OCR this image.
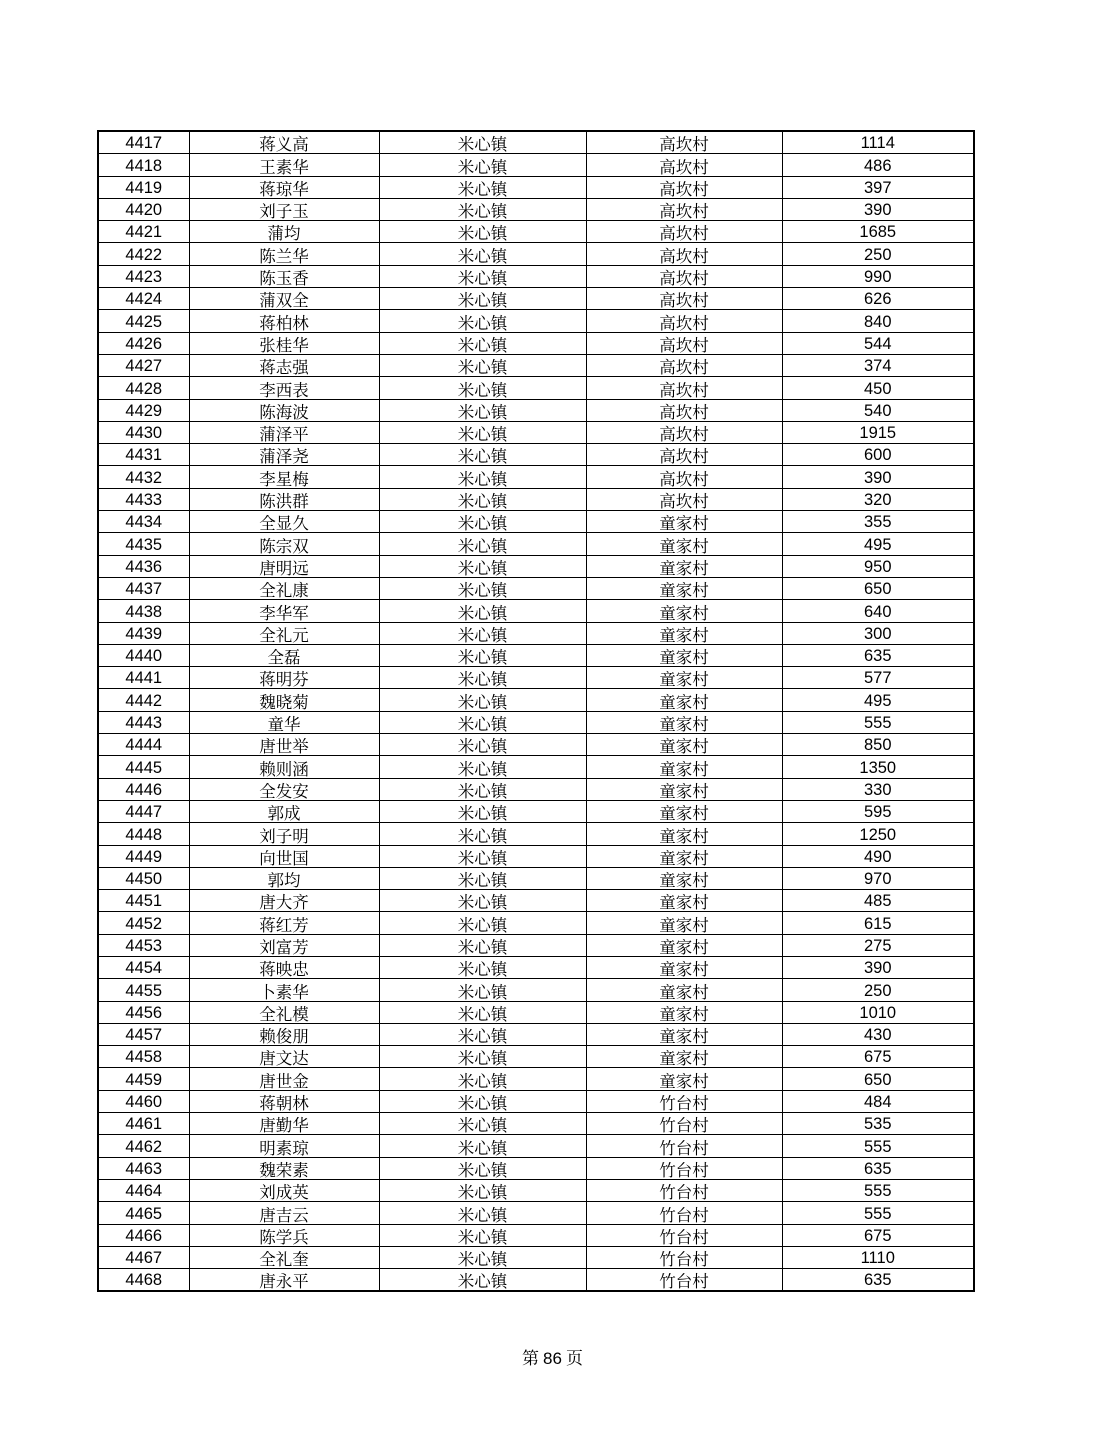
4417	蒋义高	米心镇	高坎村	1114
4418	王素华	米心镇	高坎村	486
4419	蒋琼华	米心镇	高坎村	397
4420	刘子玉	米心镇	高坎村	390
4421	蒲均	米心镇	高坎村	1685
4422	陈兰华	米心镇	高坎村	250
4423	陈玉香	米心镇	高坎村	990
4424	蒲双全	米心镇	高坎村	626
4425	蒋柏林	米心镇	高坎村	840
4426	张桂华	米心镇	高坎村	544
4427	蒋志强	米心镇	高坎村	374
4428	李西表	米心镇	高坎村	450
4429	陈海波	米心镇	高坎村	540
4430	蒲泽平	米心镇	高坎村	1915
4431	蒲泽尧	米心镇	高坎村	600
4432	李星梅	米心镇	高坎村	390
4433	陈洪群	米心镇	高坎村	320
4434	全显久	米心镇	童家村	355
4435	陈宗双	米心镇	童家村	495
4436	唐明远	米心镇	童家村	950
4437	全礼康	米心镇	童家村	650
4438	李华军	米心镇	童家村	640
4439	全礼元	米心镇	童家村	300
4440	全磊	米心镇	童家村	635
4441	蒋明芬	米心镇	童家村	577
4442	魏晓菊	米心镇	童家村	495
4443	童华	米心镇	童家村	555
4444	唐世举	米心镇	童家村	850
4445	赖则涵	米心镇	童家村	1350
4446	全发安	米心镇	童家村	330
4447	郭成	米心镇	童家村	595
4448	刘子明	米心镇	童家村	1250
4449	向世国	米心镇	童家村	490
4450	郭均	米心镇	童家村	970
4451	唐大齐	米心镇	童家村	485
4452	蒋红芳	米心镇	童家村	615
4453	刘富芳	米心镇	童家村	275
4454	蒋映忠	米心镇	童家村	390
4455	卜素华	米心镇	童家村	250
4456	全礼模	米心镇	童家村	1010
4457	赖俊朋	米心镇	童家村	430
4458	唐文达	米心镇	童家村	675
4459	唐世金	米心镇	童家村	650
4460	蒋朝林	米心镇	竹台村	484
4461	唐勤华	米心镇	竹台村	535
4462	明素琼	米心镇	竹台村	555
4463	魏荣素	米心镇	竹台村	635
4464	刘成英	米心镇	竹台村	555
4465	唐吉云	米心镇	竹台村	555
4466	陈学兵	米心镇	竹台村	675
4467	全礼奎	米心镇	竹台村	1110
4468	唐永平	米心镇	竹台村	635
第 86 页
